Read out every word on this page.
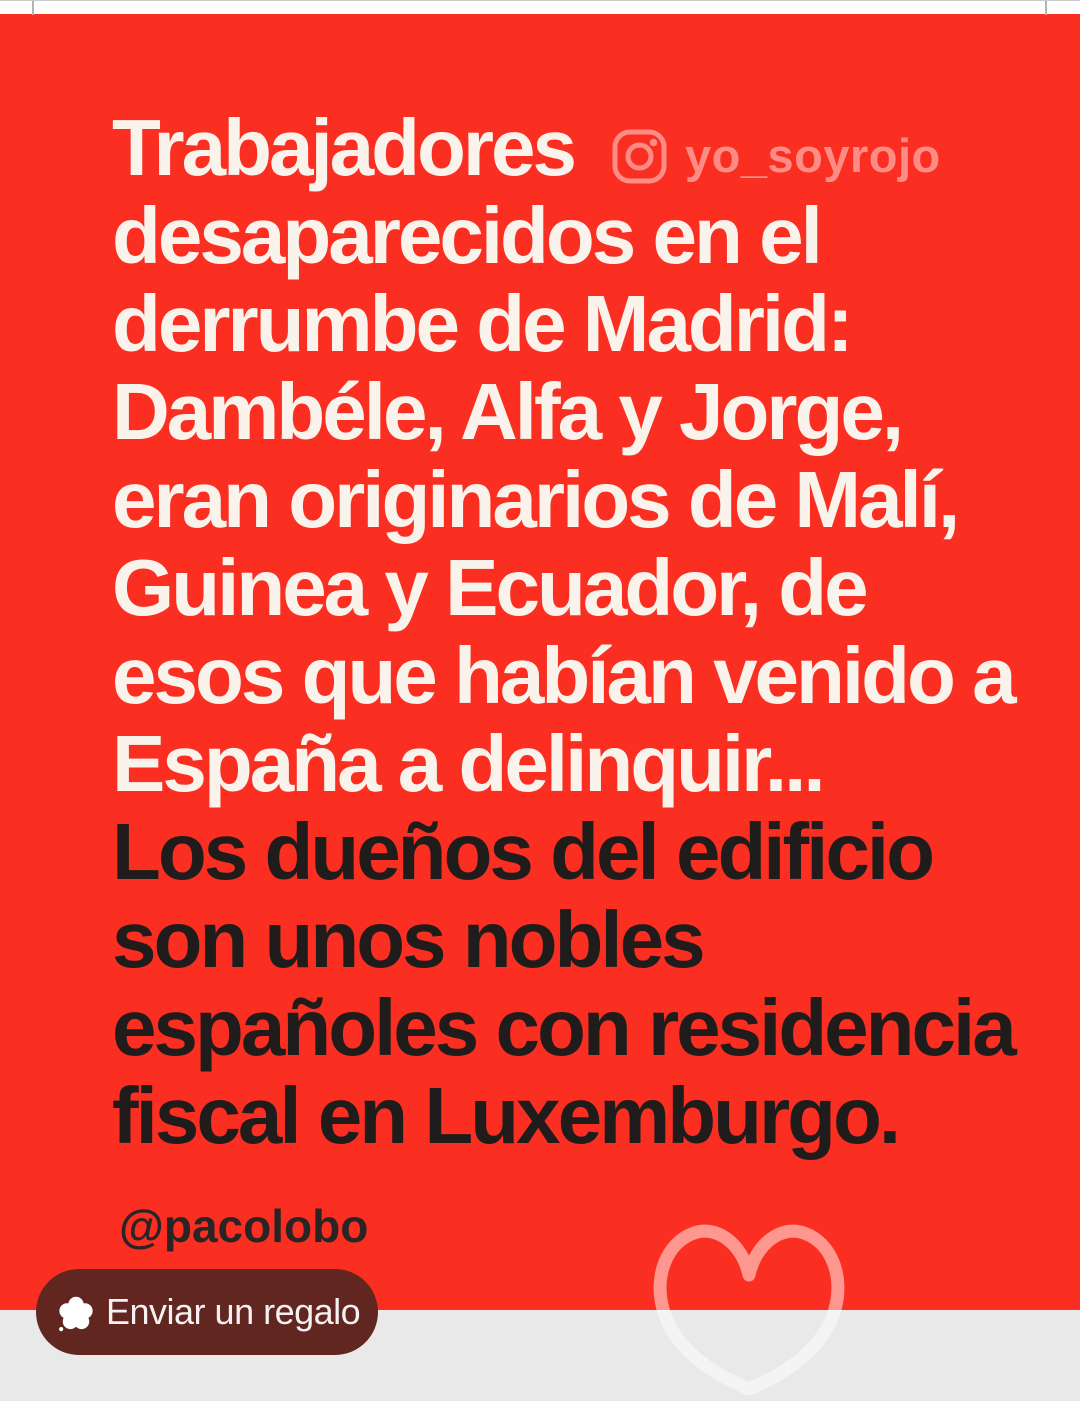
yo_soyrojo
Trabajadores
desaparecidos en el
derrumbe de Madrid:
Dambéle, Alfa y Jorge,
eran originarios de Malí,
Guinea y Ecuador, de
esos que habían venido a
España a delinquir...
Los dueños del edificio
son unos nobles
españoles con residencia
fiscal en Luxemburgo.
@pacolobo
Enviar un regalo
